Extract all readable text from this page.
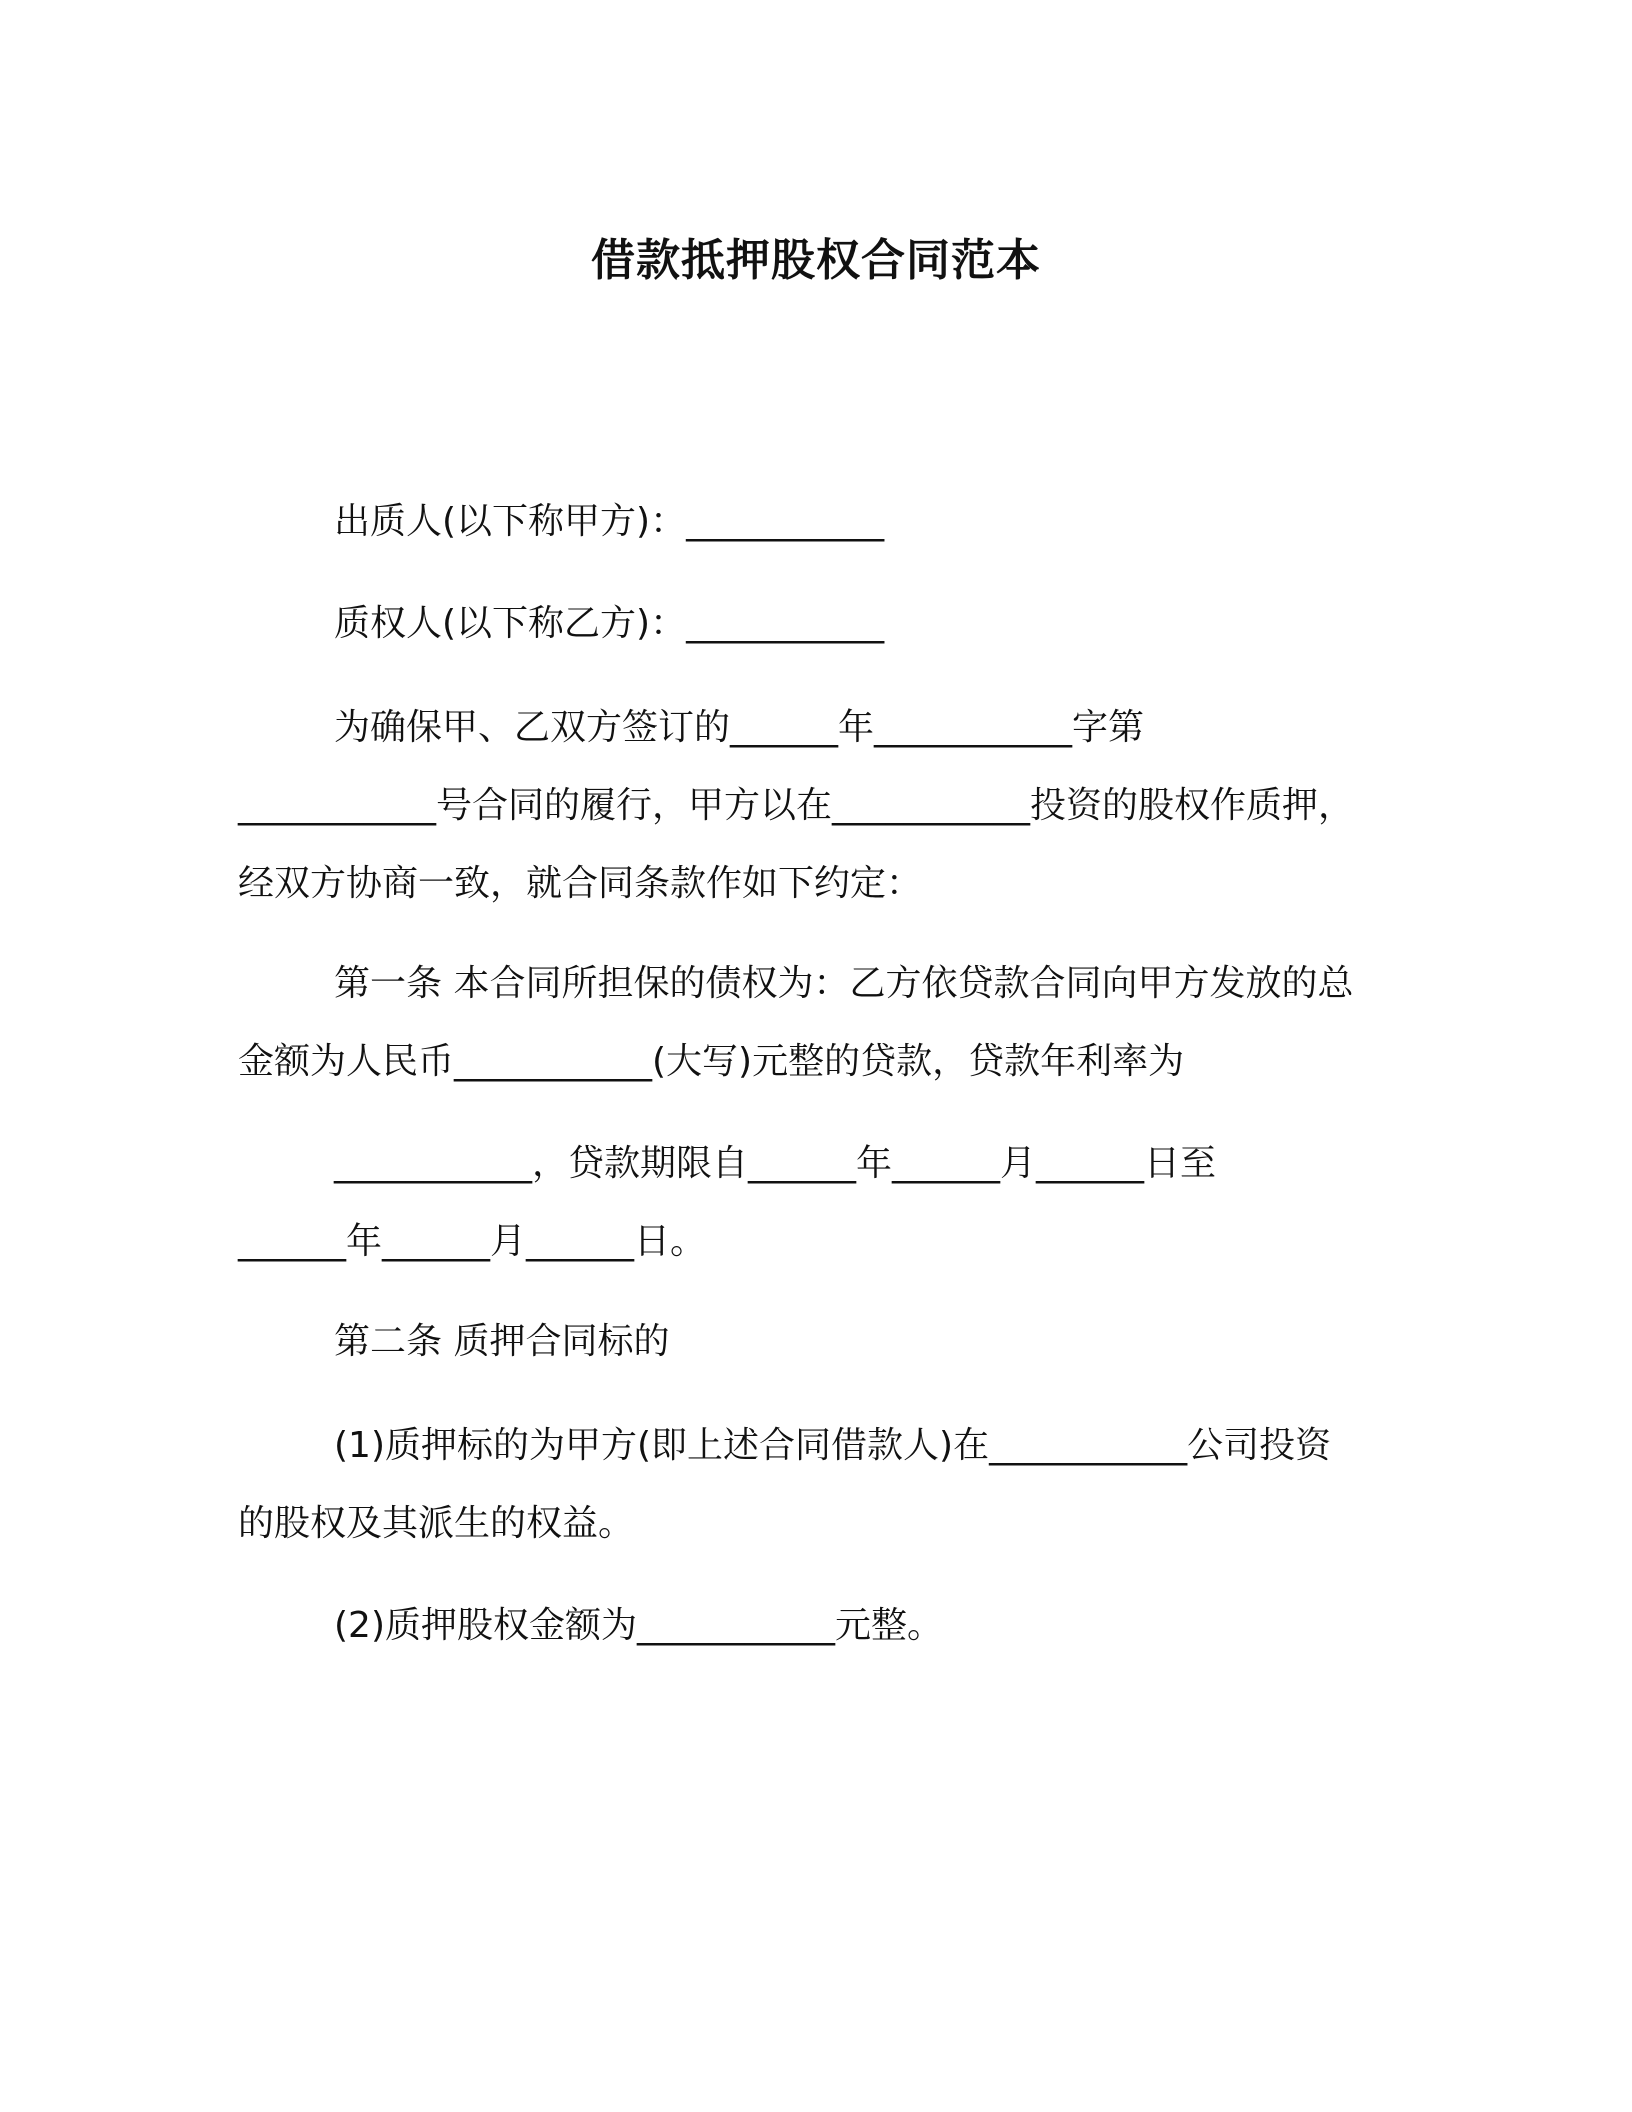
借款抵押股权合同范本
出质人(以下称甲方)：___________
质权人(以下称乙方)：___________
为确保甲、乙双方签订的______年___________字第
___________号合同的履行，甲方以在___________投资的股权作质押，
经双方协商一致，就合同条款作如下约定：
第一条 本合同所担保的债权为：乙方依贷款合同向甲方发放的总
金额为人民币___________(大写)元整的贷款，贷款年利率为
___________，贷款期限自______年______月______日至
______年______月______日。
第二条 质押合同标的
(1)质押标的为甲方(即上述合同借款人)在___________公司投资
的股权及其派生的权益。
(2)质押股权金额为___________元整。
